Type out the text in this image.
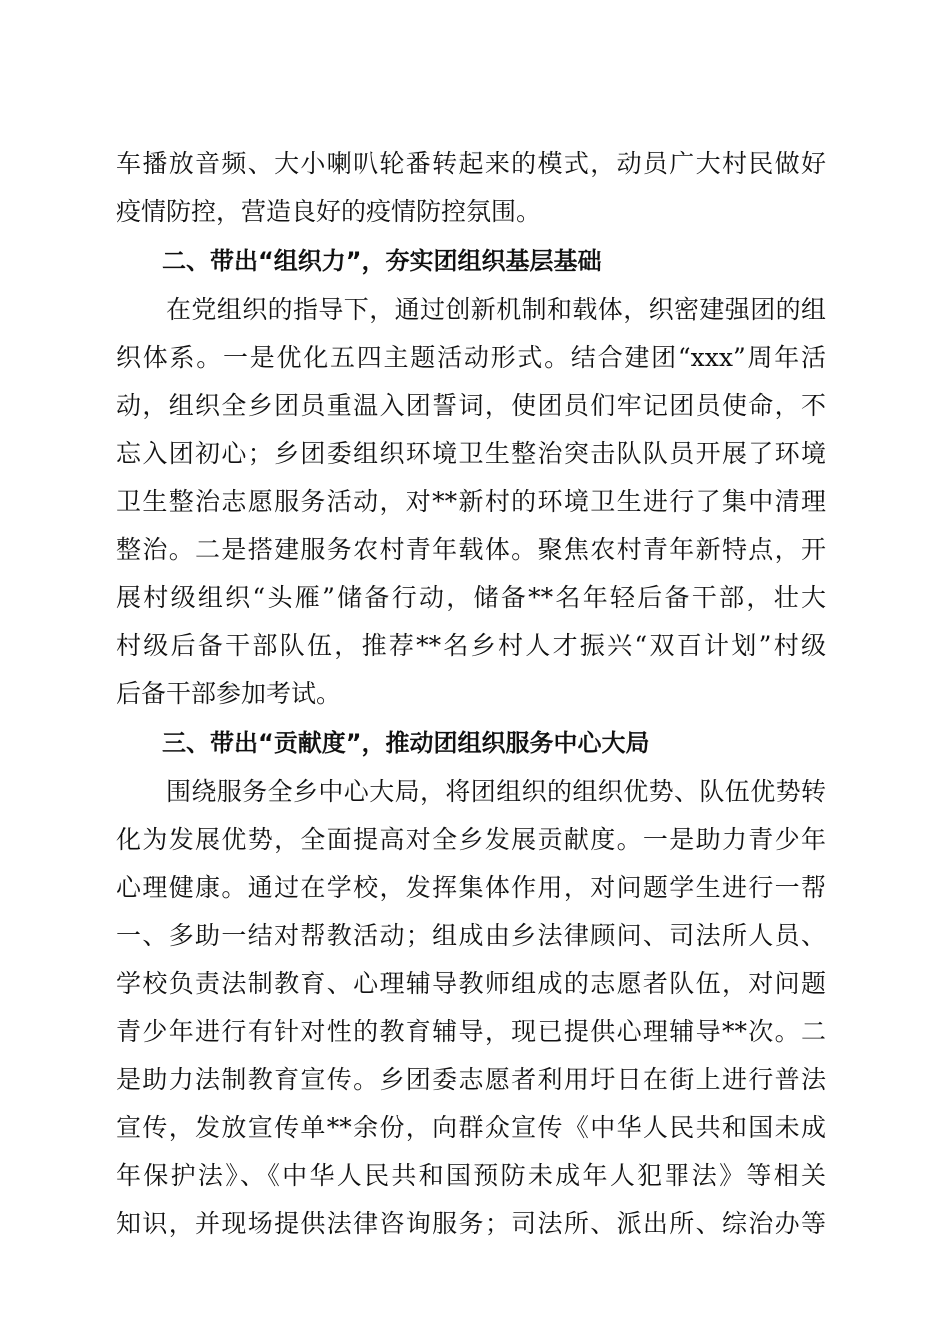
车播放音频、大小喇叭轮番转起来的模式，动员广大村民做好
疫情防控，营造良好的疫情防控氛围。
二、带出“组织力”，夯实团组织基层基础
在党组织的指导下，通过创新机制和载体，织密建强团的组
织体系。一是优化五四主题活动形式。结合建团“xxx”周年活
动，组织全乡团员重温入团誓词，使团员们牢记团员使命，不
忘入团初心；乡团委组织环境卫生整治突击队队员开展了环境
卫生整治志愿服务活动，对**新村的环境卫生进行了集中清理
整治。二是搭建服务农村青年载体。聚焦农村青年新特点，开
展村级组织“头雁”储备行动，储备**名年轻后备干部，壮大
村级后备干部队伍，推荐**名乡村人才振兴“双百计划”村级
后备干部参加考试。
三、带出“贡献度”，推动团组织服务中心大局
围绕服务全乡中心大局，将团组织的组织优势、队伍优势转
化为发展优势，全面提高对全乡发展贡献度。一是助力青少年
心理健康。通过在学校，发挥集体作用，对问题学生进行一帮
一、多助一结对帮教活动；组成由乡法律顾问、司法所人员、
学校负责法制教育、心理辅导教师组成的志愿者队伍，对问题
青少年进行有针对性的教育辅导，现已提供心理辅导**次。二
是助力法制教育宣传。乡团委志愿者利用圩日在街上进行普法
宣传，发放宣传单**余份，向群众宣传《中华人民共和国未成
年保护法》、《中华人民共和国预防未成年人犯罪法》等相关
知识，并现场提供法律咨询服务；司法所、派出所、综治办等
